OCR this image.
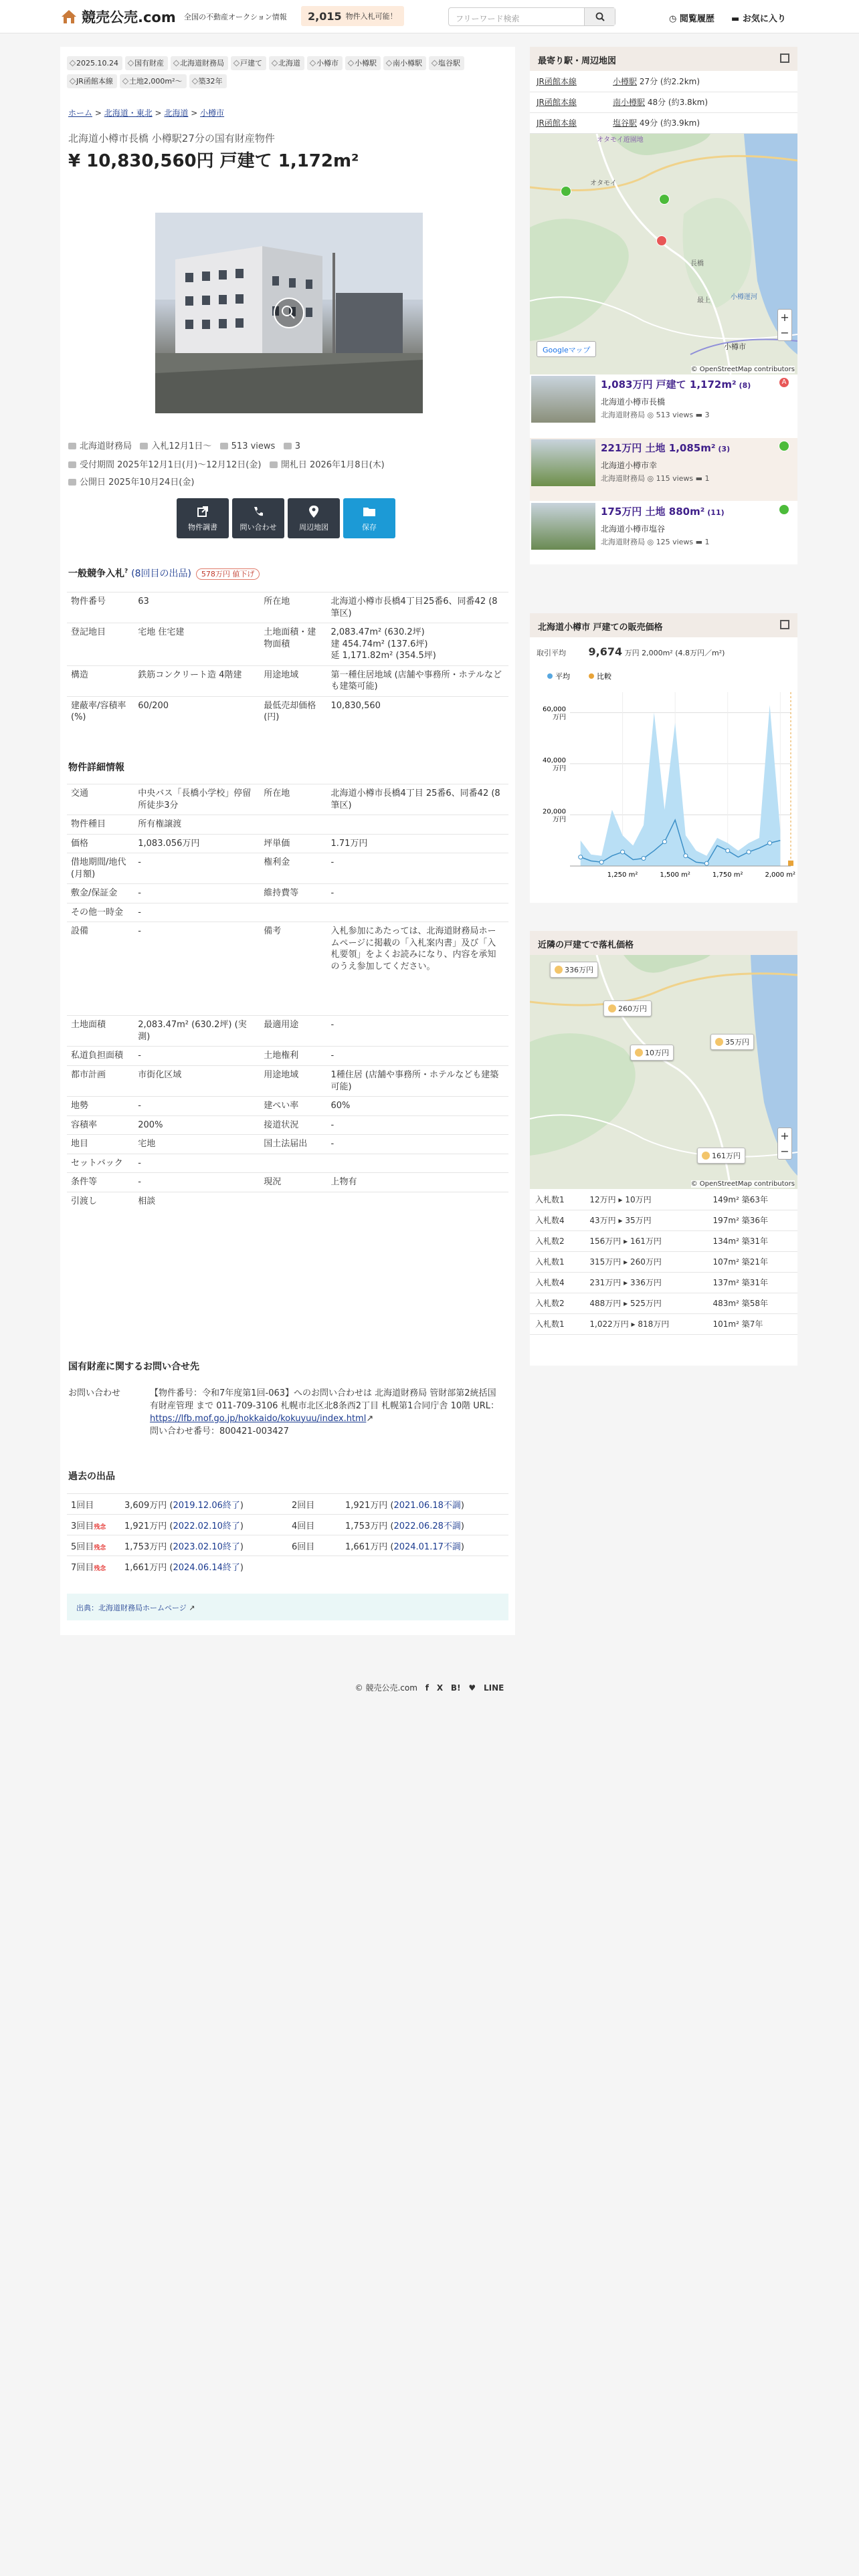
競売公売.com 全国の不動産オークション情報 2,015 物件入札可能！	フリーワード検索	◷ 閲覧履歴 ▬ お気に入り
2025.10.24 国有財産 北海道財務局 戸建て 北海道 小樽市 小樽駅 南小樽駅 塩谷駅JR函館本線 土地2,000m²〜 築32年
ホーム > 北海道・東北 > 北海道 > 小樽市
北海道小樽市長橋 小樽駅27分の国有財産物件
¥ 10,830,560円 戸建て 1,172m²
北海道財務局 入札12月1日〜 513 views 3
受付期間 2025年12月1日(月)〜12月12日(金) 開札日 2026年1月8日(木)
公開日 2025年10月24日(金)
物件調書	問い合わせ	周辺地図	保存
一般競争入札? (8回目の出品) 578万円 値下げ
物件番号	63	所在地	北海道小樽市長橋4丁目25番6、同番42 (8筆区)
登記地目	宅地 住宅建	土地面積・建物面積	2,083.47m² (630.2坪)
建 454.74m² (137.6坪)
延 1,171.82m² (354.5坪)
構造	鉄筋コンクリート造 4階建	用途地域	第一種住居地域 (店舗や事務所・ホテルなども建築可能)
建蔽率/容積率 (%)	60/200	最低売却価格 (円)	10,830,560
物件詳細情報
交通	中央バス「長橋小学校」停留所徒歩3分	所在地	北海道小樽市長橋4丁目 25番6、同番42 (8筆区)
物件種目	所有権譲渡		
価格	1,083.056万円	坪単価	1.71万円
借地期間/地代 (月額)	-	権利金	-
敷金/保証金	-	維持費等	-
その他一時金	-		
設備	-	備考	入札参加にあたっては、北海道財務局ホームページに掲載の「入札案内書」及び「入札要領」をよくお読みになり、内容を承知のうえ参加してください。
土地面積	2,083.47m² (630.2坪) (実測)	最適用途	-
私道負担面積	-	土地権利	-
都市計画	市街化区域	用途地域	1種住居 (店舗や事務所・ホテルなども建築可能)
地勢	-	建ぺい率	60%
容積率	200%	接道状況	-
地目	宅地	国土法届出	-
セットバック	-		
条件等	-	現況	上物有
引渡し	相談		
国有財産に関するお問い合せ先
お問い合わせ	【物件番号：令和7年度第1回-063】へのお問い合わせは 北海道財務局 管財部第2統括国有財産管理 まで 011-709-3106 札幌市北区北8条西2丁目 札幌第1合同庁舎 10階 URL： https://lfb.mof.go.jp/hokkaido/kokuyuu/index.html↗
問い合わせ番号：800421-003427
過去の出品
1回目	3,609万円 (2019.12.06終了)	2回目	1,921万円 (2021.06.18不調)
3回目残念	1,921万円 (2022.02.10終了)	4回目	1,753万円 (2022.06.28不調)
5回目残念	1,753万円 (2023.02.10終了)	6回目	1,661万円 (2024.01.17不調)
7回目残念	1,661万円 (2024.06.14終了)		
出典：北海道財務局ホームページ ↗
最寄り駅・周辺地図
JR函館本線	小樽駅 27分 (約2.2km)
JR函館本線	南小樽駅 48分 (約3.8km)
JR函館本線	塩谷駅 49分 (約3.9km)
オタモイ遊園地
オタモイ
小樽市
長橋
最上	小樽運河
Googleマップ
+
−
© OpenStreetMap contributors
1,083万円 戸建て 1,172m² (8)
北海道小樽市長橋
北海道財務局 ◎ 513 views ▬ 3
A
221万円 土地 1,085m² (3)
北海道小樽市幸
北海道財務局 ◎ 115 views ▬ 1
175万円 土地 880m² (11)
北海道小樽市塩谷
北海道財務局 ◎ 125 views ▬ 1
北海道小樽市 戸建ての販売価格
取引平均 9,674 万円 2,000m² (4.8万円／m²)
平均	比較
20,000
万円
40,000
万円
60,000
万円
1,250 m²	1,500 m²	1,750 m²	2,000 m²
近隣の戸建てで落札価格
336万円
260万円
35万円
10万円
161万円
+
−
© OpenStreetMap contributors
入札数1	12万円 ▸ 10万円	149m² 築63年
入札数4	43万円 ▸ 35万円	197m² 築36年
入札数2	156万円 ▸ 161万円	134m² 築31年
入札数1	315万円 ▸ 260万円	107m² 築21年
入札数4	231万円 ▸ 336万円	137m² 築31年
入札数2	488万円 ▸ 525万円	483m² 築58年
入札数1	1,022万円 ▸ 818万円	101m² 築7年
© 競売公売.com f X B! ♥ LINE
